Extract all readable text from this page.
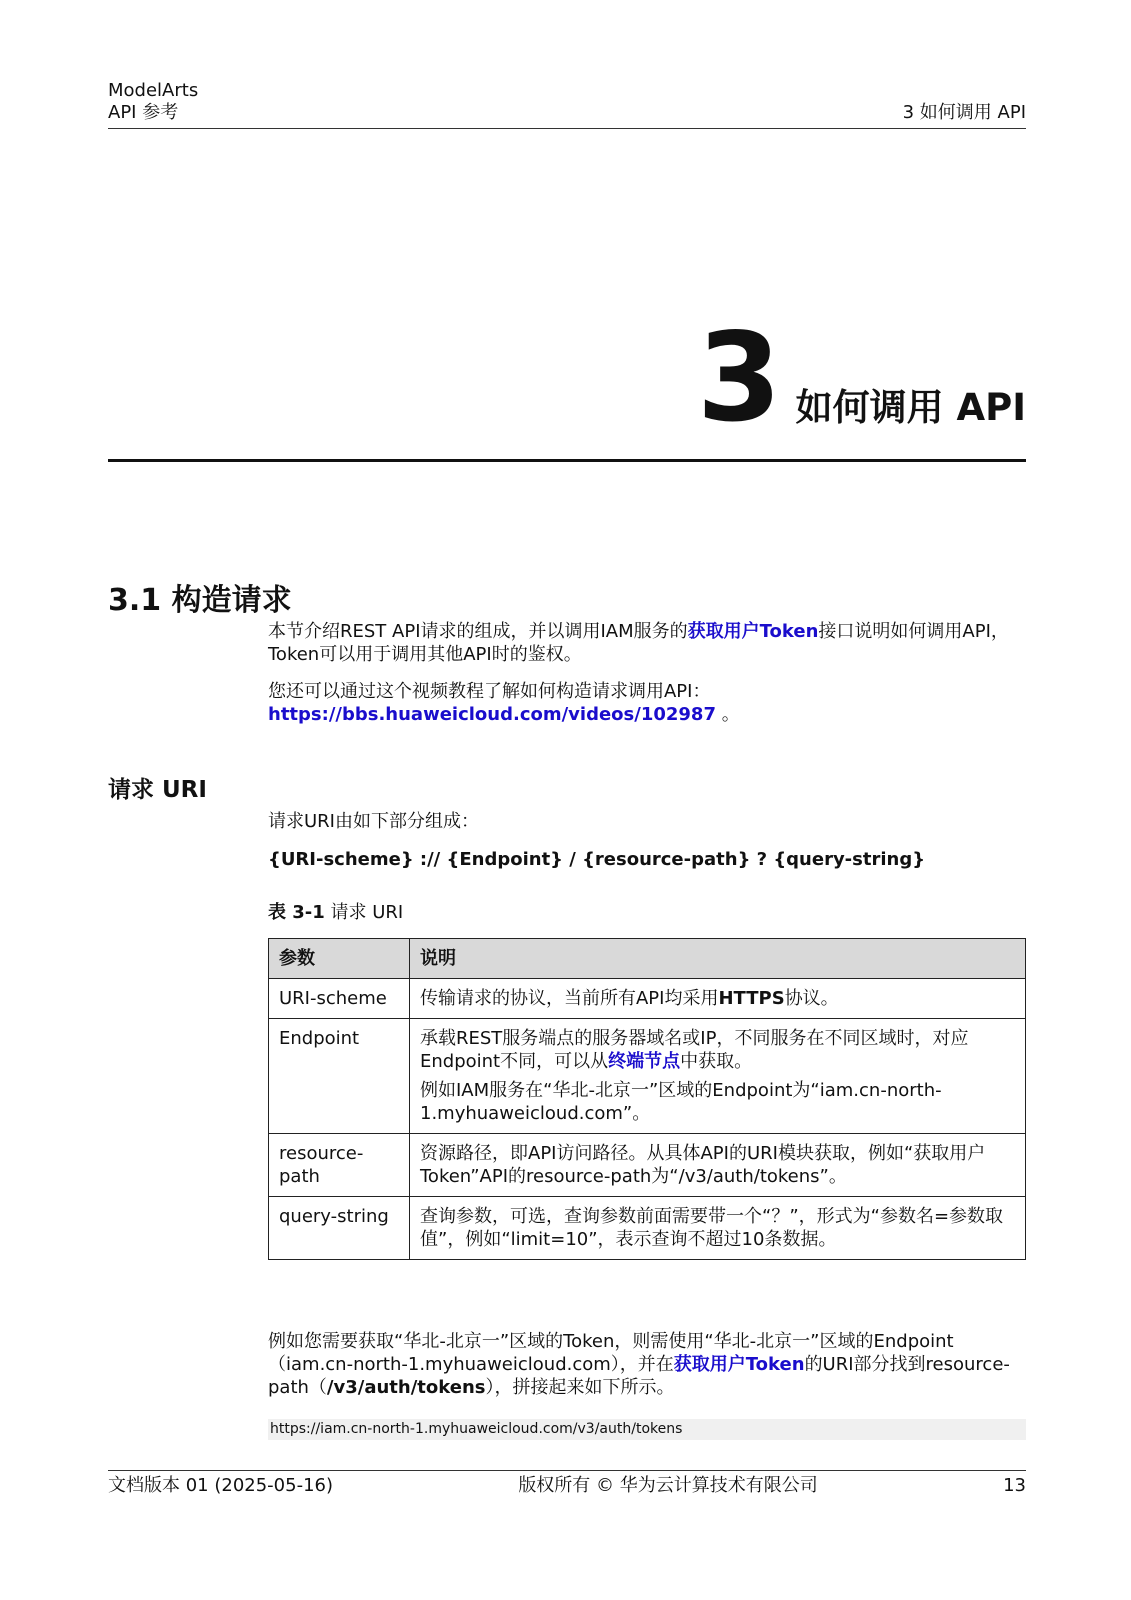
ModelArts
API 参考	3 如何调用 API
3 如何调用 API
3.1 构造请求

本节介绍REST API请求的组成，并以调用IAM服务的获取用户Token接口说明如何调用API，Token可以用于调用其他API时的鉴权。

您还可以通过这个视频教程了解如何构造请求调用API：https://bbs.huaweicloud.com/videos/102987 。

请求 URI

请求URI由如下部分组成：

{URI-scheme} :// {Endpoint} / {resource-path} ? {query-string}

表 3-1 请求 URI

参数	说明
URI-scheme	传输请求的协议，当前所有API均采用HTTPS协议。
Endpoint	承载REST服务端点的服务器域名或IP，不同服务在不同区域时，对应Endpoint不同，可以从终端节点中获取。

例如IAM服务在“华北-北京一”区域的Endpoint为“iam.cn-north-1.myhuaweicloud.com”。

resource-path	资源路径，即API访问路径。从具体API的URI模块获取，例如“获取用户Token”API的resource-path为“/v3/auth/tokens”。
query-string	查询参数，可选，查询参数前面需要带一个“？”，形式为“参数名=参数取值”，例如“limit=10”，表示查询不超过10条数据。

例如您需要获取“华北-北京一”区域的Token，则需使用“华北-北京一”区域的Endpoint（iam.cn-north-1.myhuaweicloud.com），并在获取用户Token的URI部分找到resource-path（/v3/auth/tokens），拼接起来如下所示。

https://iam.cn-north-1.myhuaweicloud.com/v3/auth/tokens
文档版本 01 (2025-05-16)	版权所有 © 华为云计算技术有限公司	13
